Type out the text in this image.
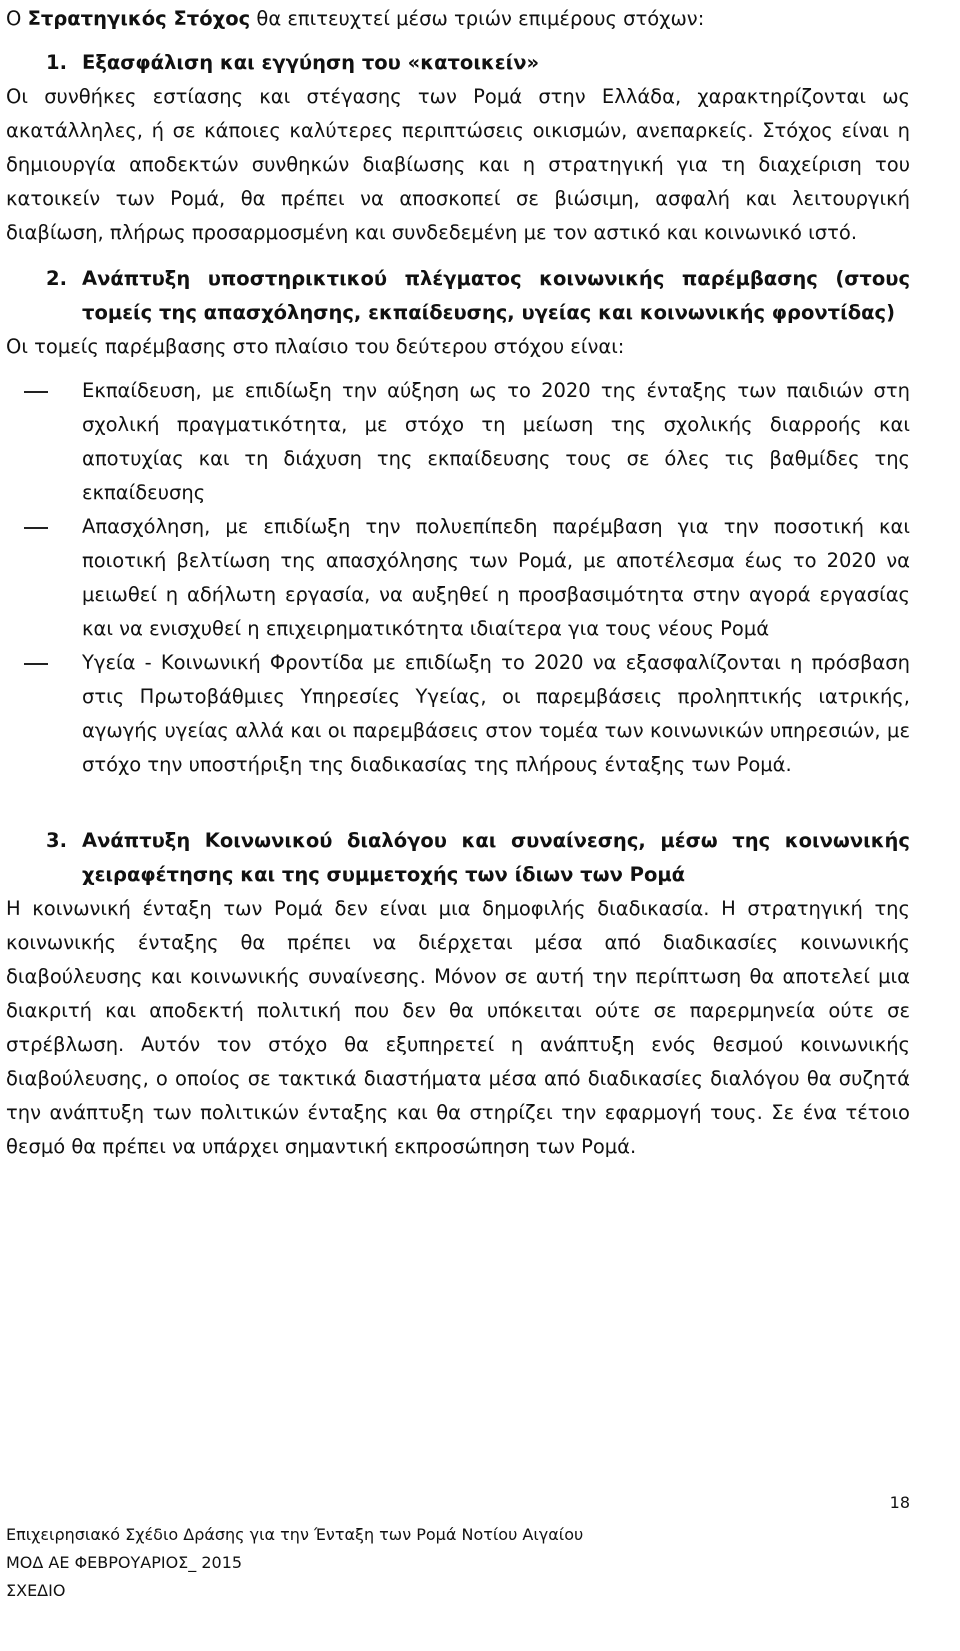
Ο Στρατηγικός Στόχος θα επιτευχτεί μέσω τριών επιμέρους στόχων:

1. Εξασφάλιση και εγγύηση του «κατοικείν»

Οι συνθήκες εστίασης και στέγασης των Ρομά στην Ελλάδα, χαρακτηρίζονται ως ακατάλληλες, ή σε κάποιες καλύτερες περιπτώσεις οικισμών, ανεπαρκείς. Στόχος είναι η δημιουργία αποδεκτών συνθηκών διαβίωσης και η στρατηγική για τη διαχείριση του κατοικείν των Ρομά, θα πρέπει να αποσκοπεί σε βιώσιμη, ασφαλή και λειτουργική διαβίωση, πλήρως προσαρμοσμένη και συνδεδεμένη με τον αστικό και κοινωνικό ιστό.

2. Ανάπτυξη υποστηρικτικού πλέγματος κοινωνικής παρέμβασης (στους τομείς της απασχόλησης, εκπαίδευσης, υγείας και κοινωνικής φροντίδας)

Οι τομείς παρέμβασης στο πλαίσιο του δεύτερου στόχου είναι:

Εκπαίδευση, με επιδίωξη την αύξηση ως το 2020 της ένταξης των παιδιών στη σχολική πραγματικότητα, με στόχο τη μείωση της σχολικής διαρροής και αποτυχίας και τη διάχυση της εκπαίδευσης τους σε όλες τις βαθμίδες της εκπαίδευσης
Απασχόληση, με επιδίωξη την πολυεπίπεδη παρέμβαση για την ποσοτική και ποιοτική βελτίωση της απασχόλησης των Ρομά, με αποτέλεσμα έως το 2020 να μειωθεί η αδήλωτη εργασία, να αυξηθεί η προσβασιμότητα στην αγορά εργασίας και να ενισχυθεί η επιχειρηματικότητα ιδιαίτερα για τους νέους Ρομά
Υγεία - Κοινωνική Φροντίδα με επιδίωξη το 2020 να εξασφαλίζονται η πρόσβαση στις Πρωτοβάθμιες Υπηρεσίες Υγείας, οι παρεμβάσεις προληπτικής ιατρικής, αγωγής υγείας αλλά και οι παρεμβάσεις στον τομέα των κοινωνικών υπηρεσιών, με στόχο την υποστήριξη της διαδικασίας της πλήρους ένταξης των Ρομά.
3. Ανάπτυξη Κοινωνικού διαλόγου και συναίνεσης, μέσω της κοινωνικής χειραφέτησης και της συμμετοχής των ίδιων των Ρομά

Η κοινωνική ένταξη των Ρομά δεν είναι μια δημοφιλής διαδικασία. Η στρατηγική της κοινωνικής ένταξης θα πρέπει να διέρχεται μέσα από διαδικασίες κοινωνικής διαβούλευσης και κοινωνικής συναίνεσης. Μόνον σε αυτή την περίπτωση θα αποτελεί μια διακριτή και αποδεκτή πολιτική που δεν θα υπόκειται ούτε σε παρερμηνεία ούτε σε στρέβλωση. Αυτόν τον στόχο θα εξυπηρετεί η ανάπτυξη ενός θεσμού κοινωνικής διαβούλευσης, ο οποίος σε τακτικά διαστήματα μέσα από διαδικασίες διαλόγου θα συζητά την ανάπτυξη των πολιτικών ένταξης και θα στηρίζει την εφαρμογή τους. Σε ένα τέτοιο θεσμό θα πρέπει να υπάρχει σημαντική εκπροσώπηση των Ρομά.

18
Επιχειρησιακό Σχέδιο Δράσης για την Ένταξη των Ρομά Νοτίου Αιγαίου
ΜΟΔ ΑΕ ΦΕΒΡΟΥΑΡΙΟΣ_ 2015
ΣΧΕΔΙΟ
